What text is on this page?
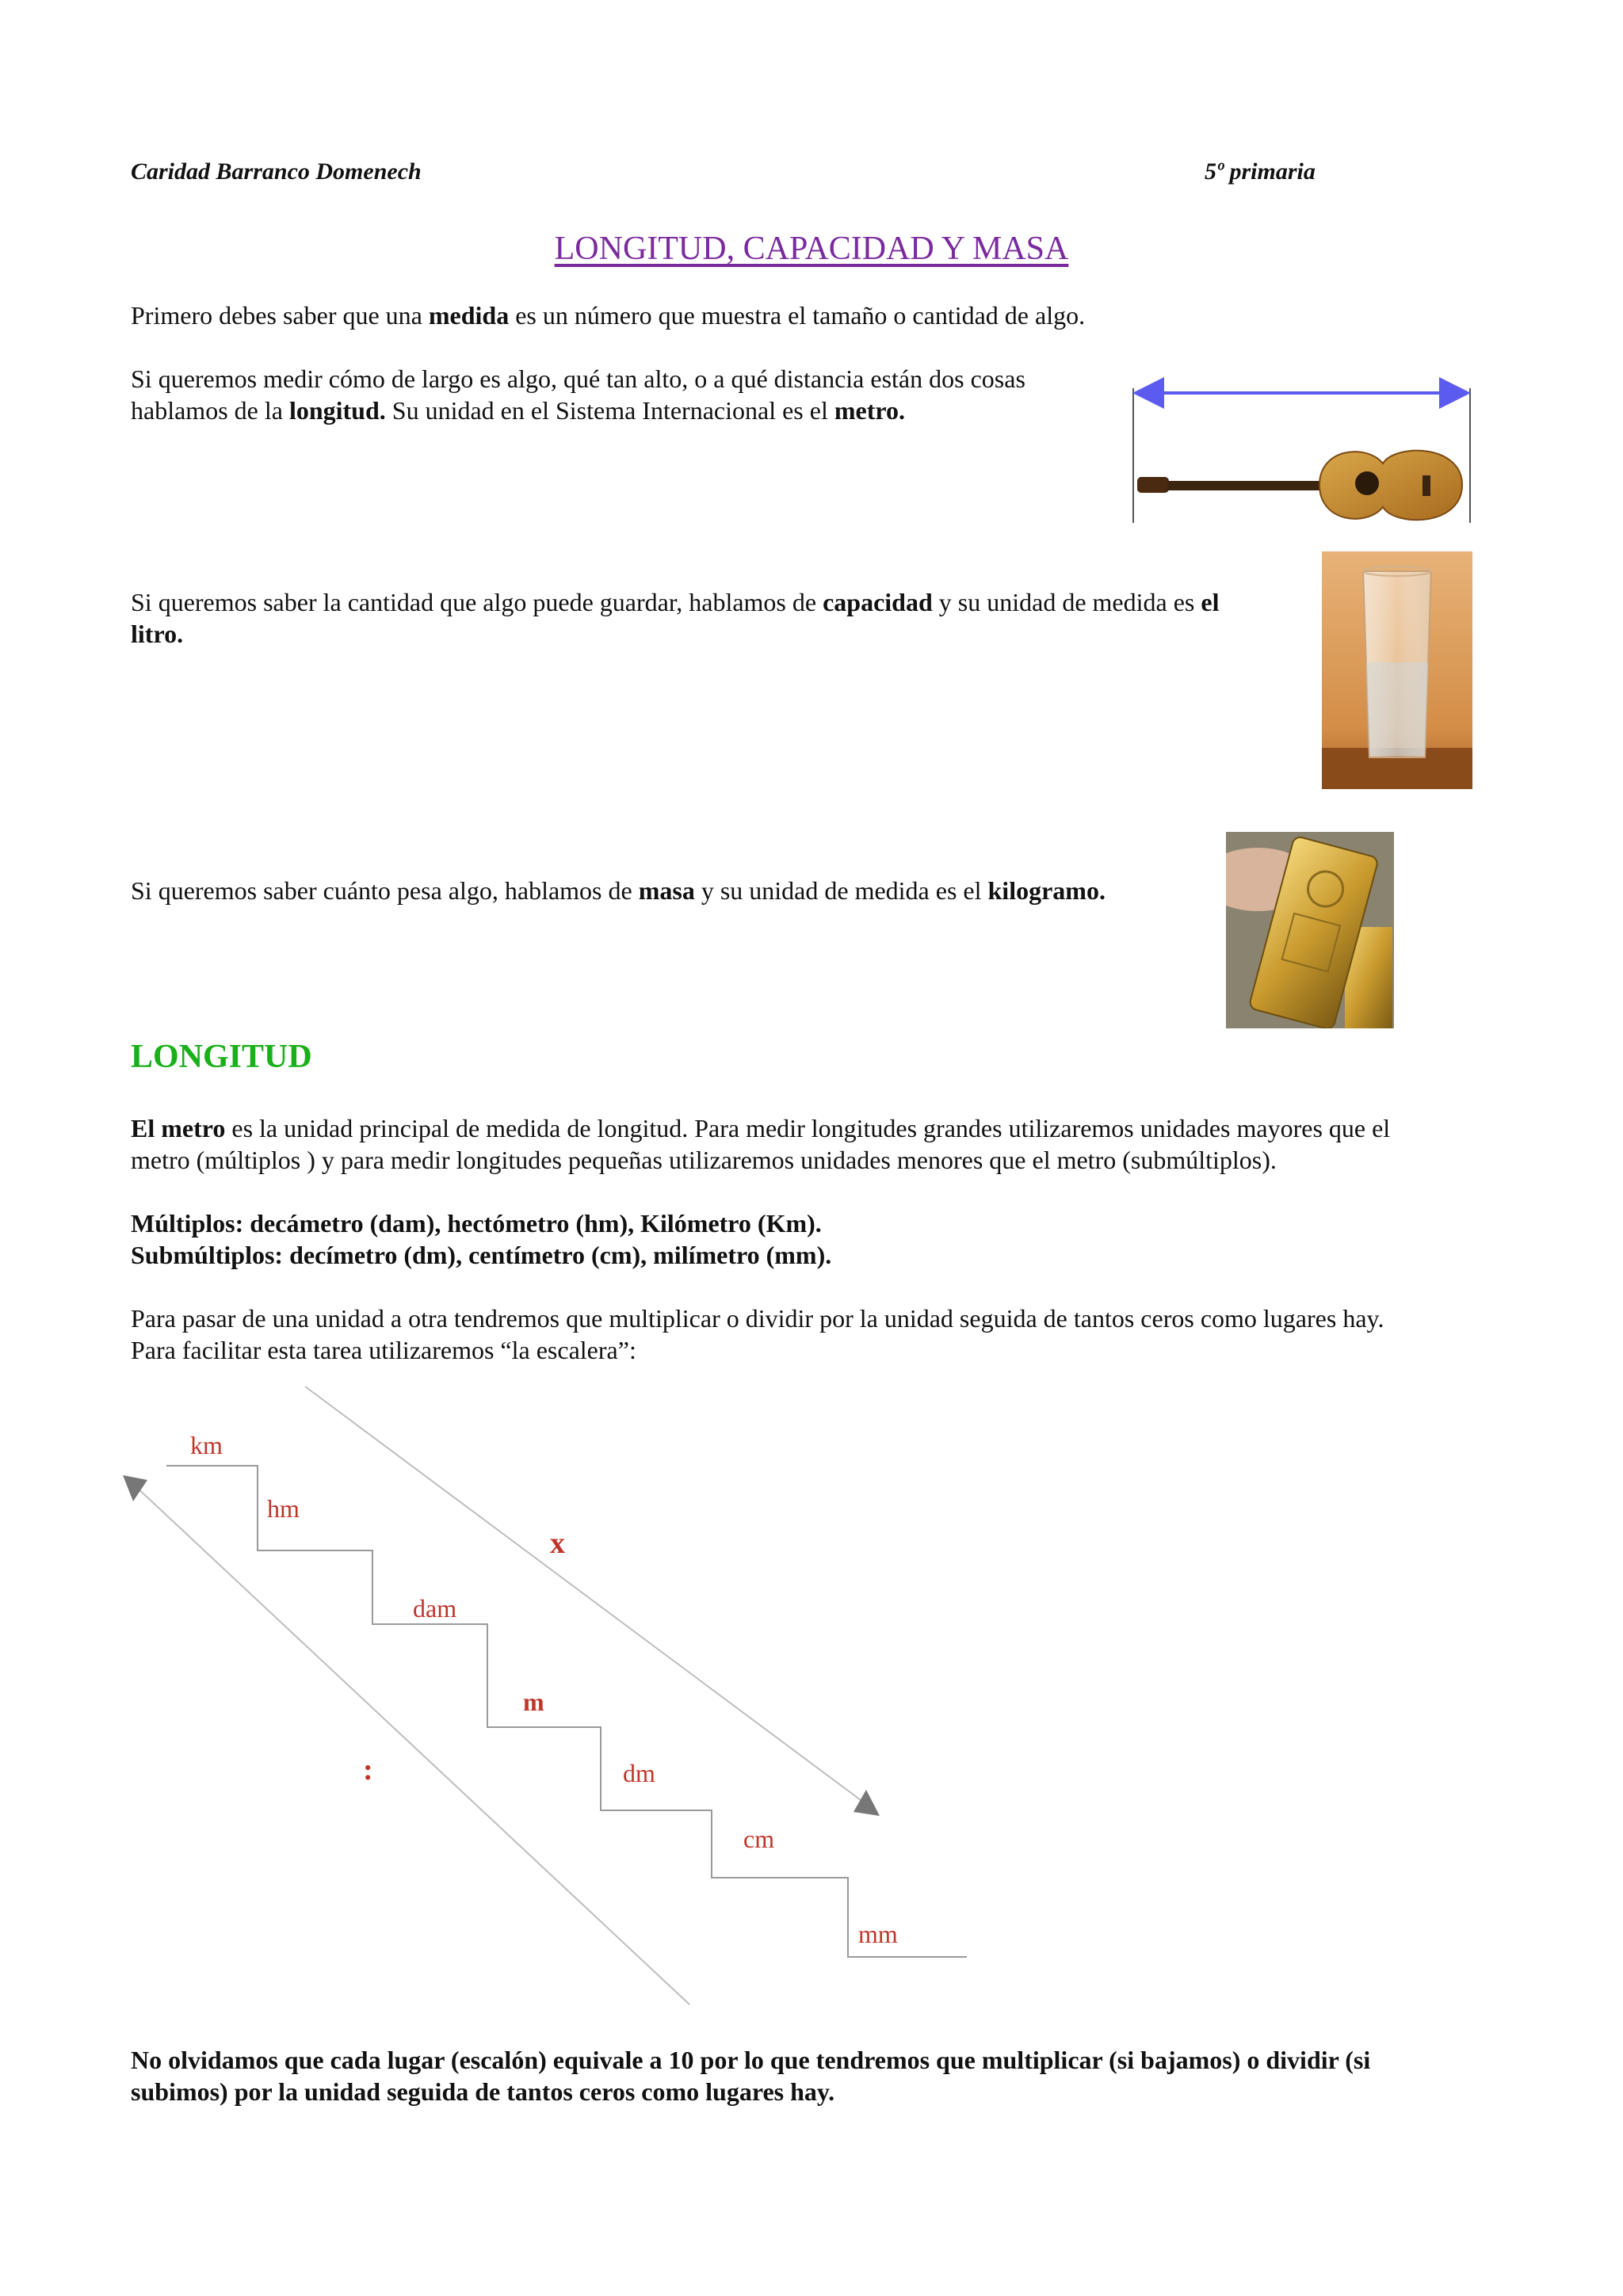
Caridad Barranco Domenech	5º primaria
LONGITUD, CAPACIDAD Y MASA
Primero debes saber que una medida es un número que muestra el tamaño o cantidad de algo.
Si queremos medir cómo de largo es algo, qué tan alto, o a qué distancia están dos cosas
hablamos de la longitud. Su unidad en el Sistema Internacional es el metro.
Si queremos saber la cantidad que algo puede guardar, hablamos de capacidad y su unidad de medida es el
litro.
Si queremos saber cuánto pesa algo, hablamos de masa y su unidad de medida es el kilogramo.
LONGITUD
El metro es la unidad principal de medida de longitud. Para medir longitudes grandes utilizaremos unidades mayores que el
metro (múltiplos ) y para medir longitudes pequeñas utilizaremos unidades menores que el metro (submúltiplos).
Múltiplos: decámetro (dam), hectómetro (hm), Kilómetro (Km).
Submúltiplos: decímetro (dm), centímetro (cm), milímetro (mm).
Para pasar de una unidad a otra tendremos que multiplicar o dividir por la unidad seguida de tantos ceros como lugares hay.
Para facilitar esta tarea utilizaremos “la escalera”:
km
hm
dam
m
dm
cm
mm
x
:
No olvidamos que cada lugar (escalón) equivale a 10 por lo que tendremos que multiplicar (si bajamos) o dividir (si
subimos) por la unidad seguida de tantos ceros como lugares hay.
